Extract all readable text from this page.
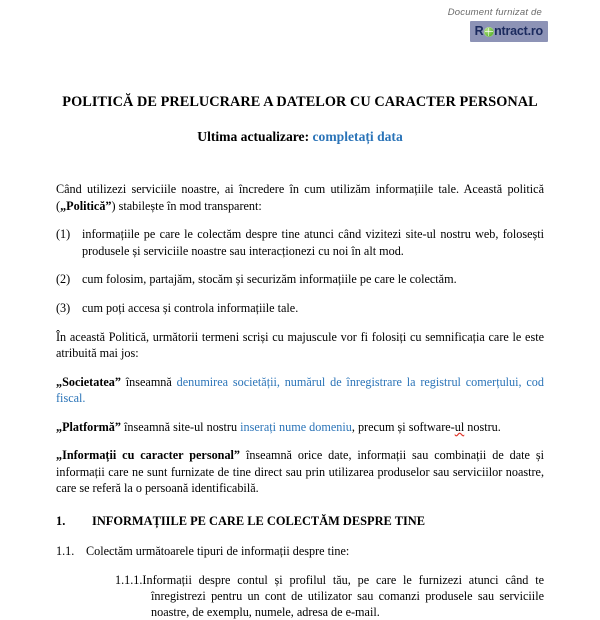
Document furnizat de
R ntract.ro
POLITICĂ DE PRELUCRARE A DATELOR CU CARACTER PERSONAL
Ultima actualizare: completați data

Când utilizezi serviciile noastre, ai încredere în cum utilizăm informațiile tale. Această politică („Politică”) stabilește în mod transparent:

(1) informațiile pe care le colectăm despre tine atunci când vizitezi site-ul nostru web, folosești produsele și serviciile noastre sau interacționezi cu noi în alt mod.

(2) cum folosim, partajăm, stocăm și securizăm informațiile pe care le colectăm.

(3) cum poți accesa și controla informațiile tale.

În această Politică, următorii termeni scriși cu majuscule vor fi folosiți cu semnificația care le este atribuită mai jos:

„Societatea” înseamnă denumirea societății, numărul de înregistrare la registrul comerțului, cod fiscal.

„Platformă” înseamnă site-ul nostru inserați nume domeniu, precum și software-ul nostru.

„Informații cu caracter personal” înseamnă orice date, informații sau combinații de date și informații care ne sunt furnizate de tine direct sau prin utilizarea produselor sau serviciilor noastre, care se referă la o persoană identificabilă.

1.	INFORMAȚIILE PE CARE LE COLECTĂM DESPRE TINE
1.1. Colectăm următoarele tipuri de informații despre tine:
1.1.1.Informații despre contul și profilul tău, pe care le furnizezi atunci când te înregistrezi pentru un cont de utilizator sau comanzi produsele sau serviciile noastre, de exemplu, numele, adresa de e-mail.
